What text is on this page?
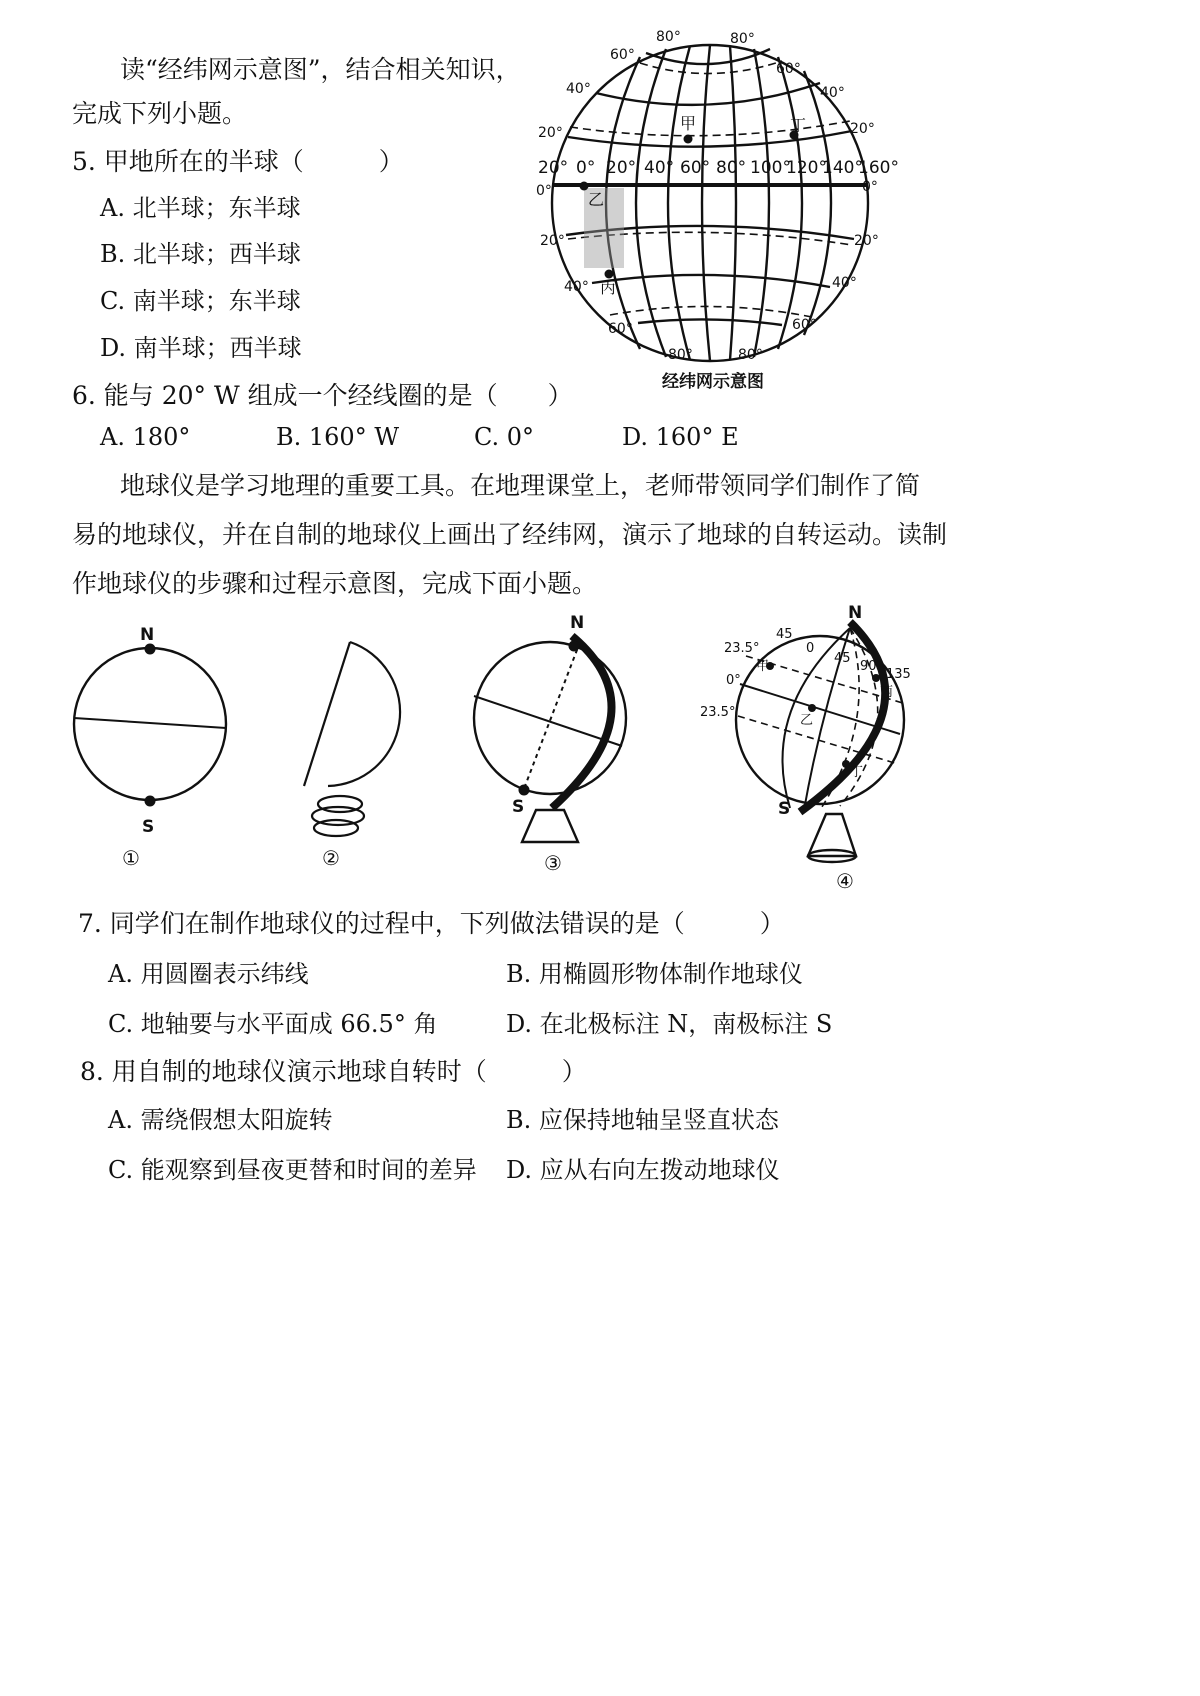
读“经纬网示意图”，结合相关知识，
完成下列小题。
5. 甲地所在的半球（　　　）
A. 北半球；东半球
B. 北半球；西半球
C. 南半球；东半球
D. 南半球；西半球
6. 能与 20° W 组成一个经线圈的是（　　）
A. 180°	B. 160° W	C. 0°	D. 160° E
甲	丁
乙
丙
80°	80°
60°
60°
40°	40°
20°	20°
0°	0°
20°	20°
40°	40°
60°	60°
80°	80°
20° 0° 20° 40° 60° 80° 100°
120°
140°
160°
经纬网示意图
地球仪是学习地理的重要工具。在地理课堂上，老师带领同学们制作了简
易的地球仪，并在自制的地球仪上画出了经纬网，演示了地球的自转运动。读制
作地球仪的步骤和过程示意图，完成下面小题。
N
S
①	②
N
S
③
23.5°
0°
23.5°
45
0
45
90
135
甲
乙
丙
丁
N
S
④
7. 同学们在制作地球仪的过程中，下列做法错误的是（　　　）
A. 用圆圈表示纬线	B. 用椭圆形物体制作地球仪
C. 地轴要与水平面成 66.5° 角	D. 在北极标注 N，南极标注 S
8. 用自制的地球仪演示地球自转时（　　　）
A. 需绕假想太阳旋转	B. 应保持地轴呈竖直状态
C. 能观察到昼夜更替和时间的差异 D. 应从右向左拨动地球仪
